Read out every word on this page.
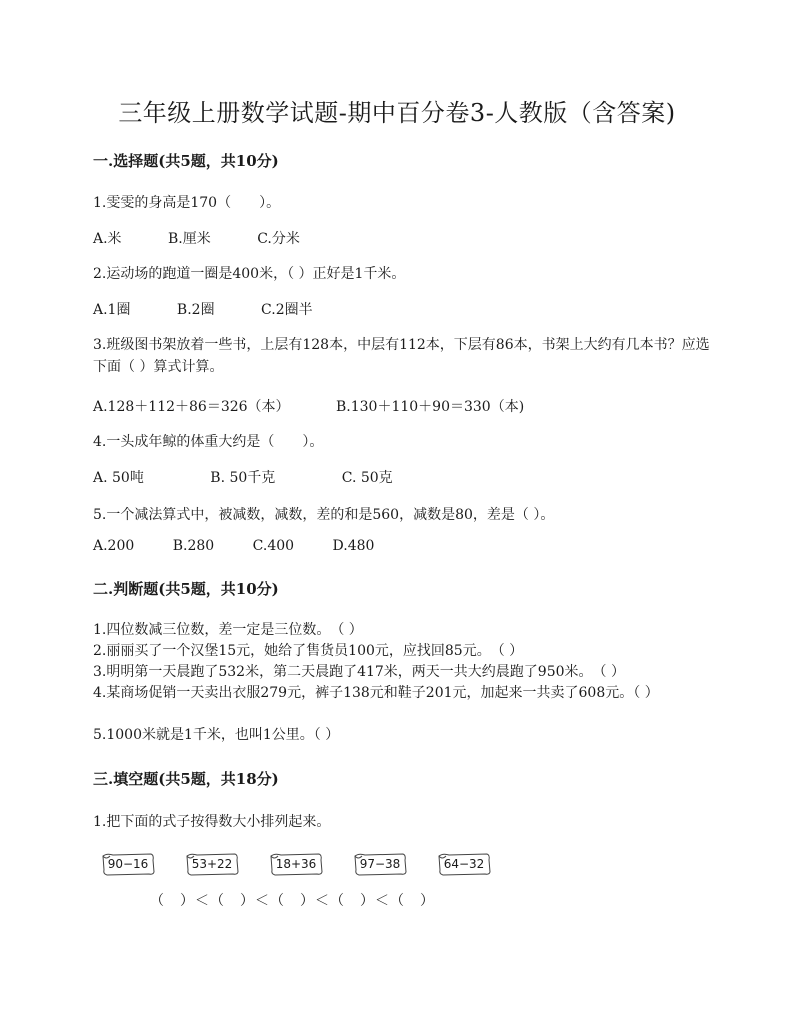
三年级上册数学试题-期中百分卷3-人教版（含答案)
一.选择题(共5题，共10分)
1.雯雯的身高是170（　　）。
A.米	B.厘米	C.分米
2.运动场的跑道一圈是400米，（ ）正好是1千米。
A.1圈	B.2圈	C.2圈半
3.班级图书架放着一些书，上层有128本，中层有112本，下层有86本，书架上大约有几本书？应选下面（ ）算式计算。
A.128＋112＋86＝326（本）	B.130＋110＋90＝330（本)
4.一头成年鲸的体重大约是（　　）。
A. 50吨	B. 50千克	C. 50克
5.一个减法算式中，被减数，减数，差的和是560，减数是80，差是（ ）。
A.200	B.280	C.400	D.480
二.判断题(共5题，共10分)
1.四位数减三位数，差一定是三位数。　（ ）
2.丽丽买了一个汉堡15元，她给了售货员100元，应找回85元。　（ ）
3.明明第一天晨跑了532米，第二天晨跑了417米，两天一共大约晨跑了950米。　（ ）
4.某商场促销一天卖出衣服279元，裤子138元和鞋子201元，加起来一共卖了608元。（ ）
5.1000米就是1千米，也叫1公里。（ ）
三.填空题(共5题，共18分)
1.把下面的式子按得数大小排列起来。
90−16	53+22	18+36	97−38	64−32
（　）＜（　）＜（　）＜（　）＜（　）
